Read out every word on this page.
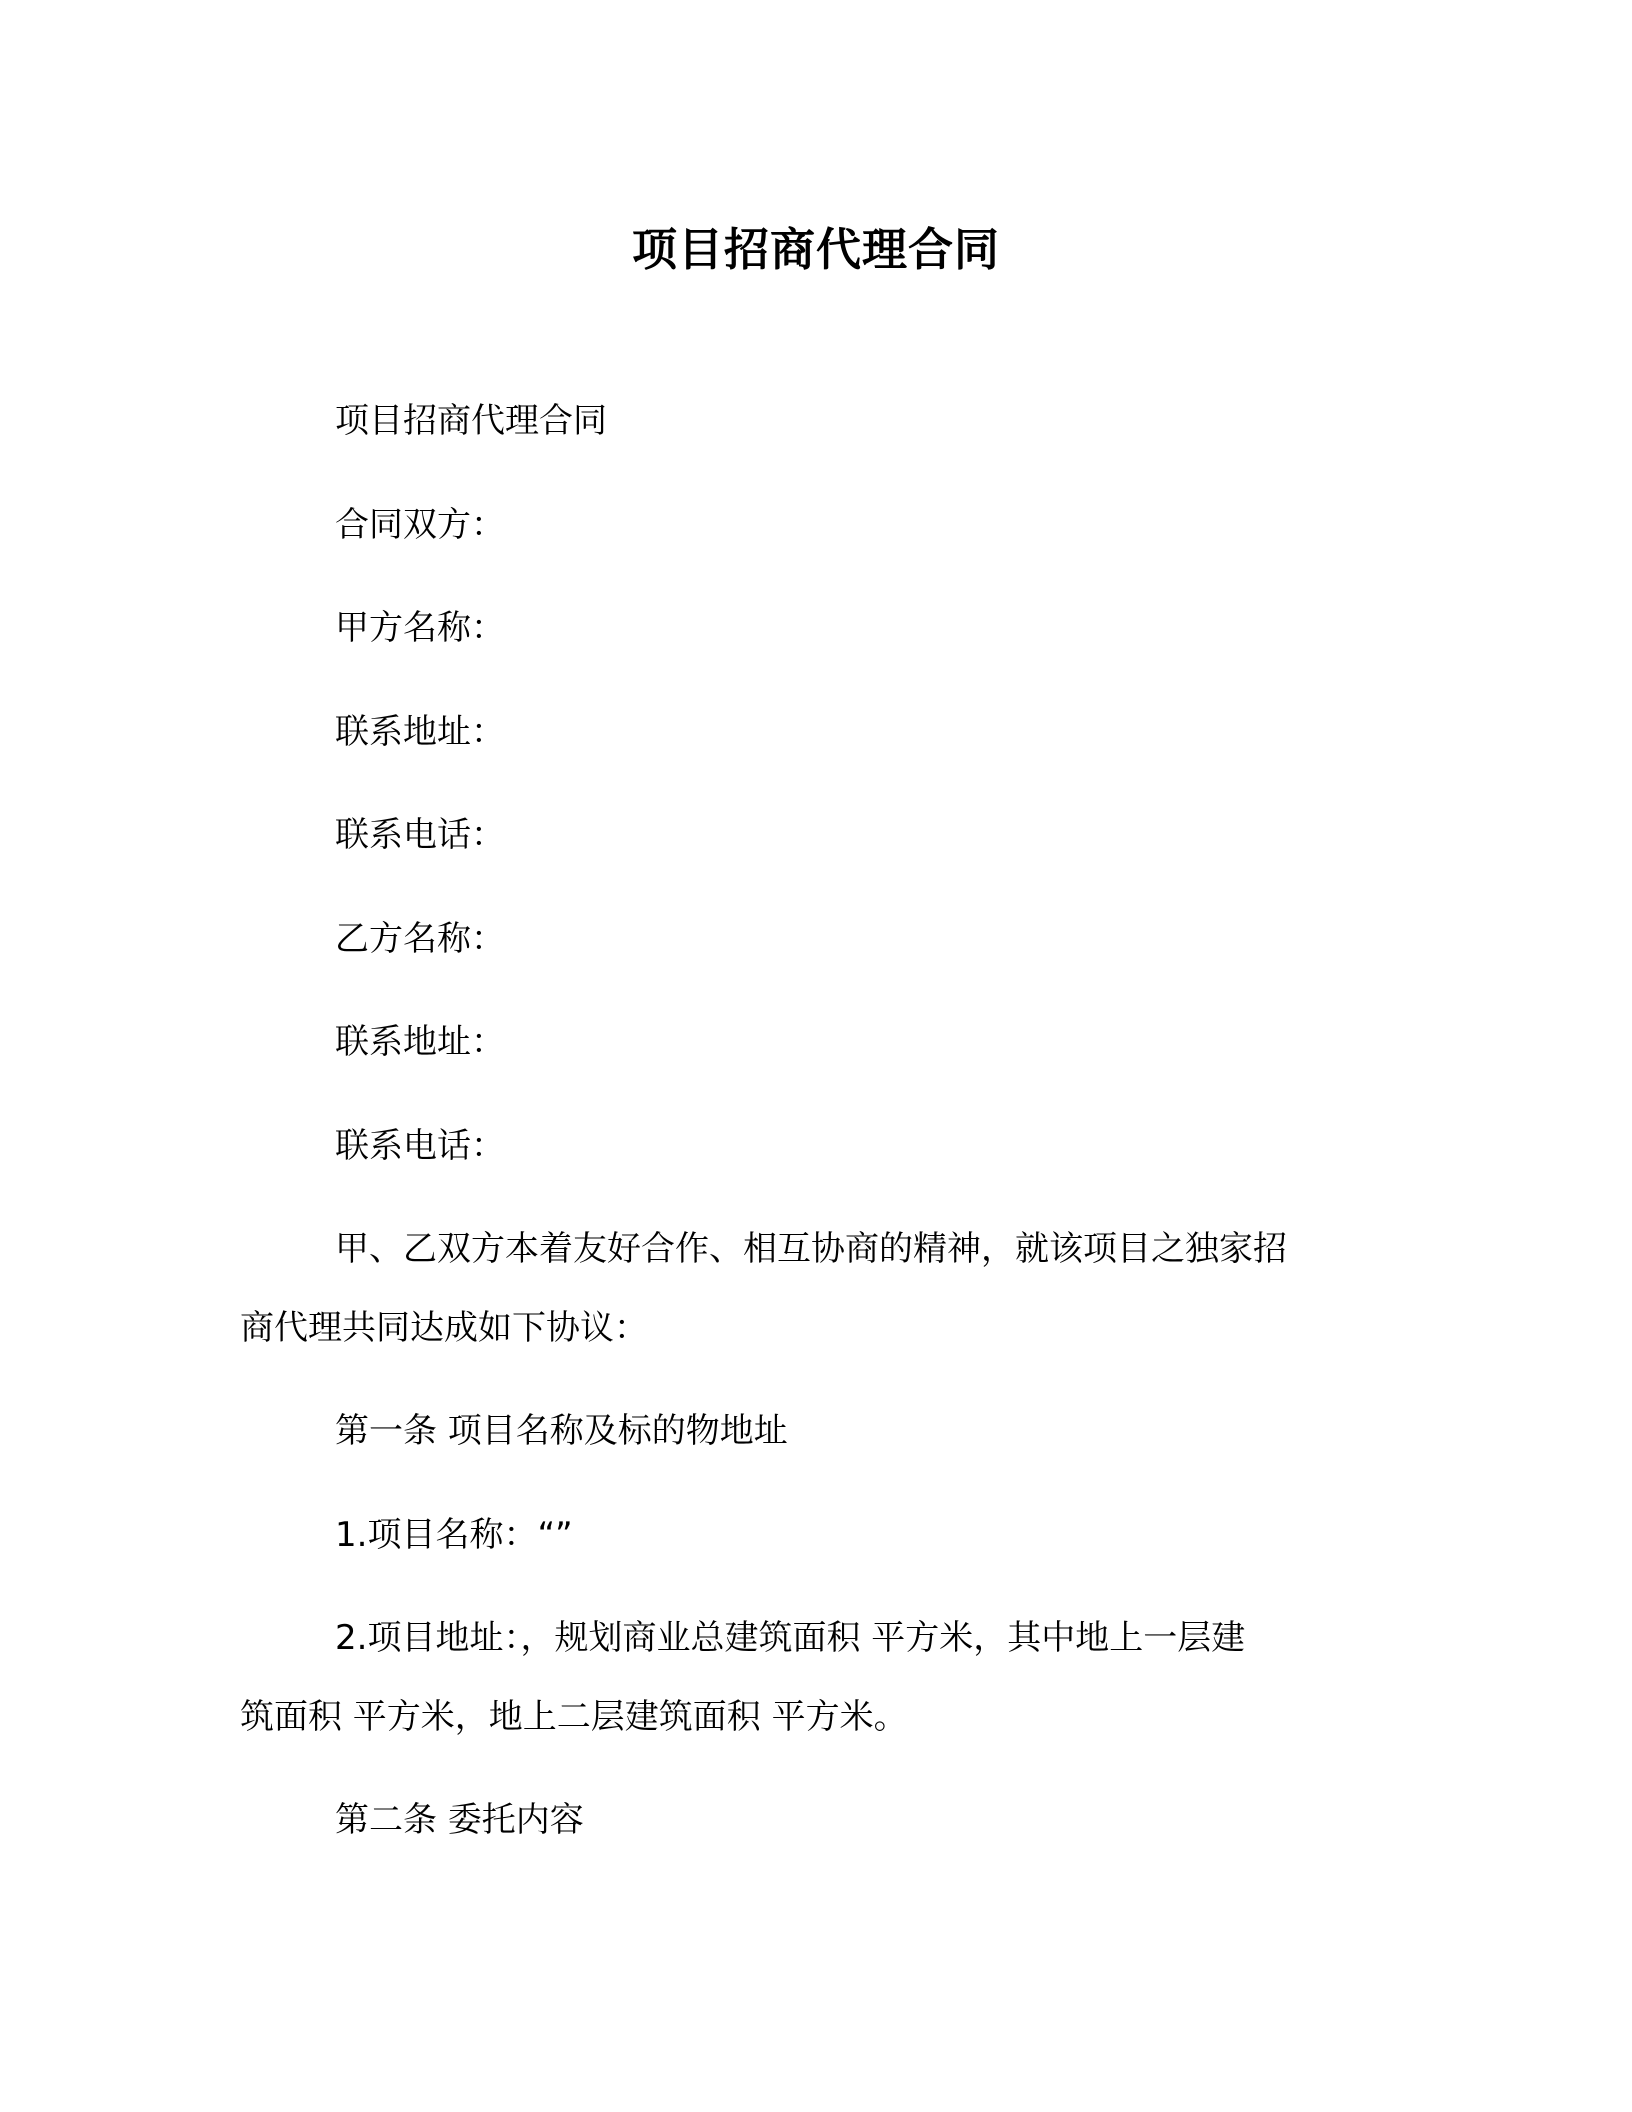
项目招商代理合同
项目招商代理合同
合同双方：
甲方名称：
联系地址：
联系电话：
乙方名称：
联系地址：
联系电话：
甲、乙双方本着友好合作、相互协商的精神，就该项目之独家招
商代理共同达成如下协议：
第一条 项目名称及标的物地址
1.项目名称：“”
2.项目地址：，规划商业总建筑面积 平方米，其中地上一层建
筑面积 平方米，地上二层建筑面积 平方米。
第二条 委托内容
